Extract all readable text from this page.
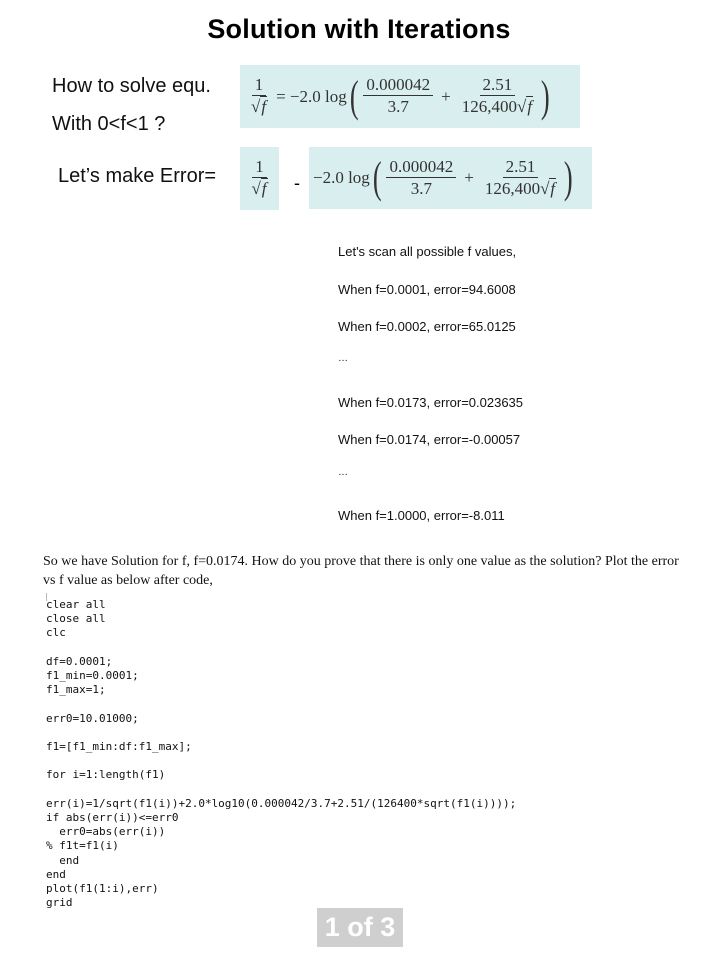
Solution with Iterations
How to solve equ.
With 0<f<1 ?
$\frac{1}{√f} = -2.0$ log ( $\frac{0.000042}{3.7} + \frac{2.51}{126,400√f}$ )
Let’s make Error= $\frac{1}{√f} - -2.0$ log ( $\frac{0.000042}{3.7} + \frac{2.51}{126,400√f}$ )
Let's scan all possible f values,
When f=0.0001, error=94.6008
When f=0.0002, error=65.0125
…
When f=0.0173, error=0.023635
When f=0.0174, error=-0.00057
…
When f=1.0000, error=-8.011
So we have Solution for f, f=0.0174. How do you prove that there is only one value as the solution? Plot the error vs f value as below after code,
clear all
close all
clc

df=0.0001;
f1_min=0.0001;
f1_max=1;

err0=10.01000;

f1=[f1_min:df:f1_max];

for i=1:length(f1)

err(i)=1/sqrt(f1(i))+2.0*log10(0.000042/3.7+2.51/(126400*sqrt(f1(i))));
if abs(err(i))<=err0
err0=abs(err(i))
% f1t=f1(i)
end
end
plot(f1(1:i),err)
grid
1 of 3
